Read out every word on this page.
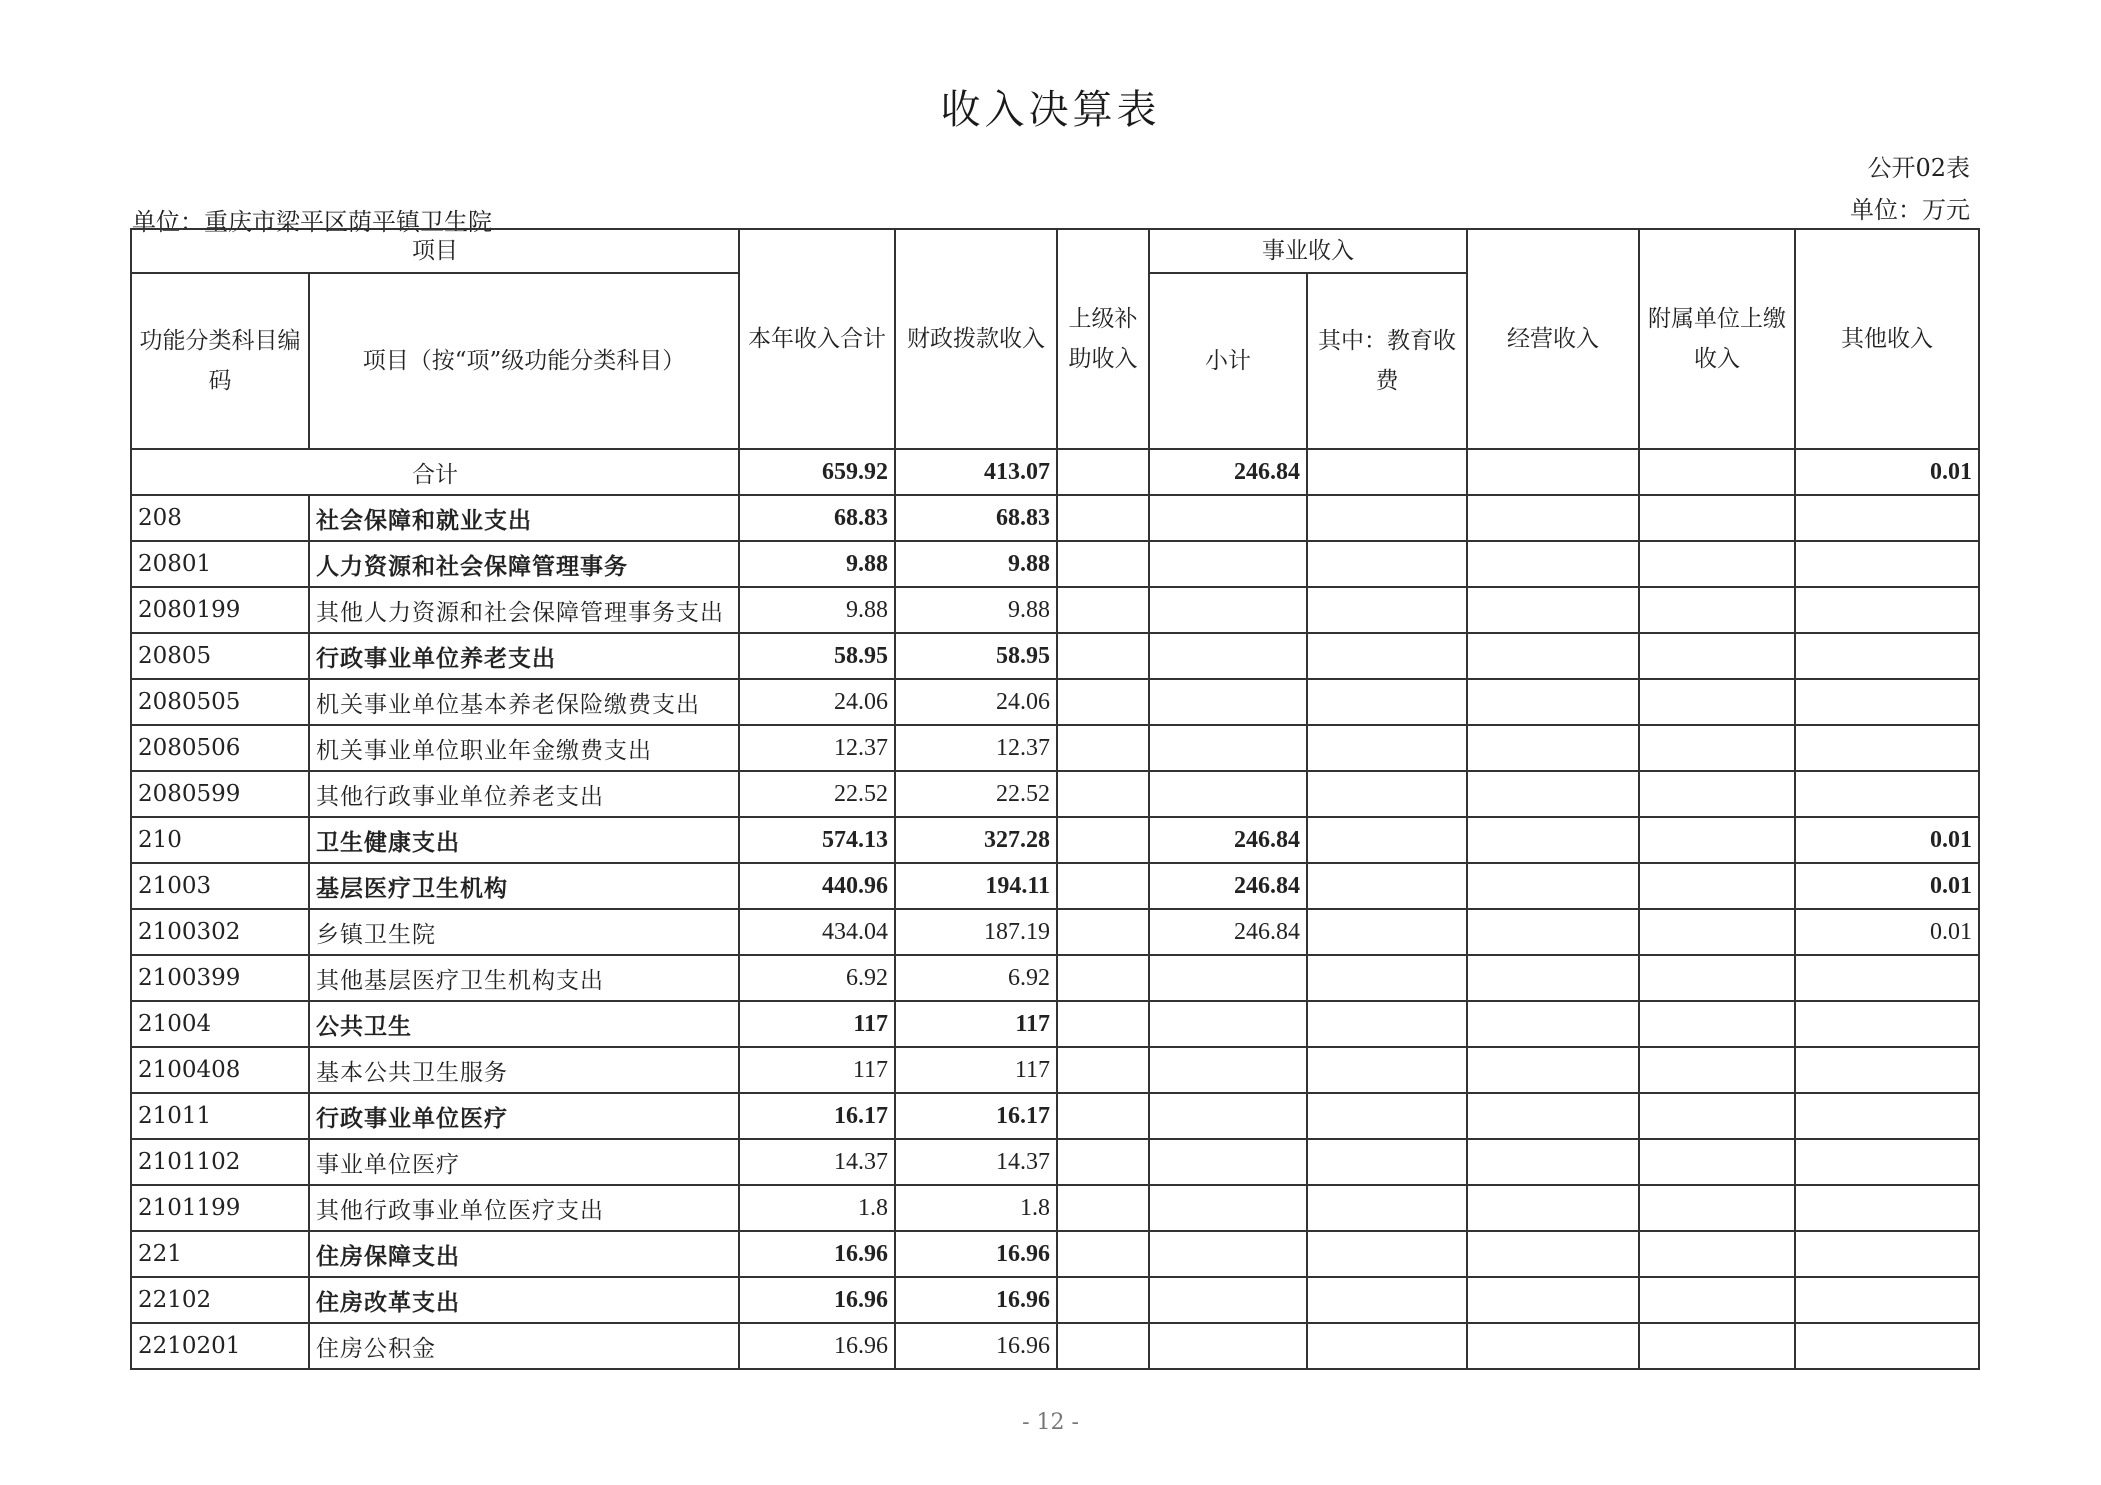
收入决算表
公开02表
单位：重庆市梁平区荫平镇卫生院	单位：万元
项目		本年收入合计	财政拨款收入	上级补助收入	事业收入		经营收入	附属单位上缴收入	其他收入
功能分类科目编码	项目（按“项”级功能分类科目）				小计	其中：教育收费			
合计		659.92	413.07		246.84				0.01
208	社会保障和就业支出	68.83	68.83						
20801	人力资源和社会保障管理事务	9.88	9.88						
2080199	其他人力资源和社会保障管理事务支出	9.88	9.88						
20805	行政事业单位养老支出	58.95	58.95						
2080505	机关事业单位基本养老保险缴费支出	24.06	24.06						
2080506	机关事业单位职业年金缴费支出	12.37	12.37						
2080599	其他行政事业单位养老支出	22.52	22.52						
210	卫生健康支出	574.13	327.28		246.84				0.01
21003	基层医疗卫生机构	440.96	194.11		246.84				0.01
2100302	乡镇卫生院	434.04	187.19		246.84				0.01
2100399	其他基层医疗卫生机构支出	6.92	6.92						
21004	公共卫生	117	117						
2100408	基本公共卫生服务	117	117						
21011	行政事业单位医疗	16.17	16.17						
2101102	事业单位医疗	14.37	14.37						
2101199	其他行政事业单位医疗支出	1.8	1.8						
221	住房保障支出	16.96	16.96						
22102	住房改革支出	16.96	16.96						
2210201	住房公积金	16.96	16.96						
- 12 -
